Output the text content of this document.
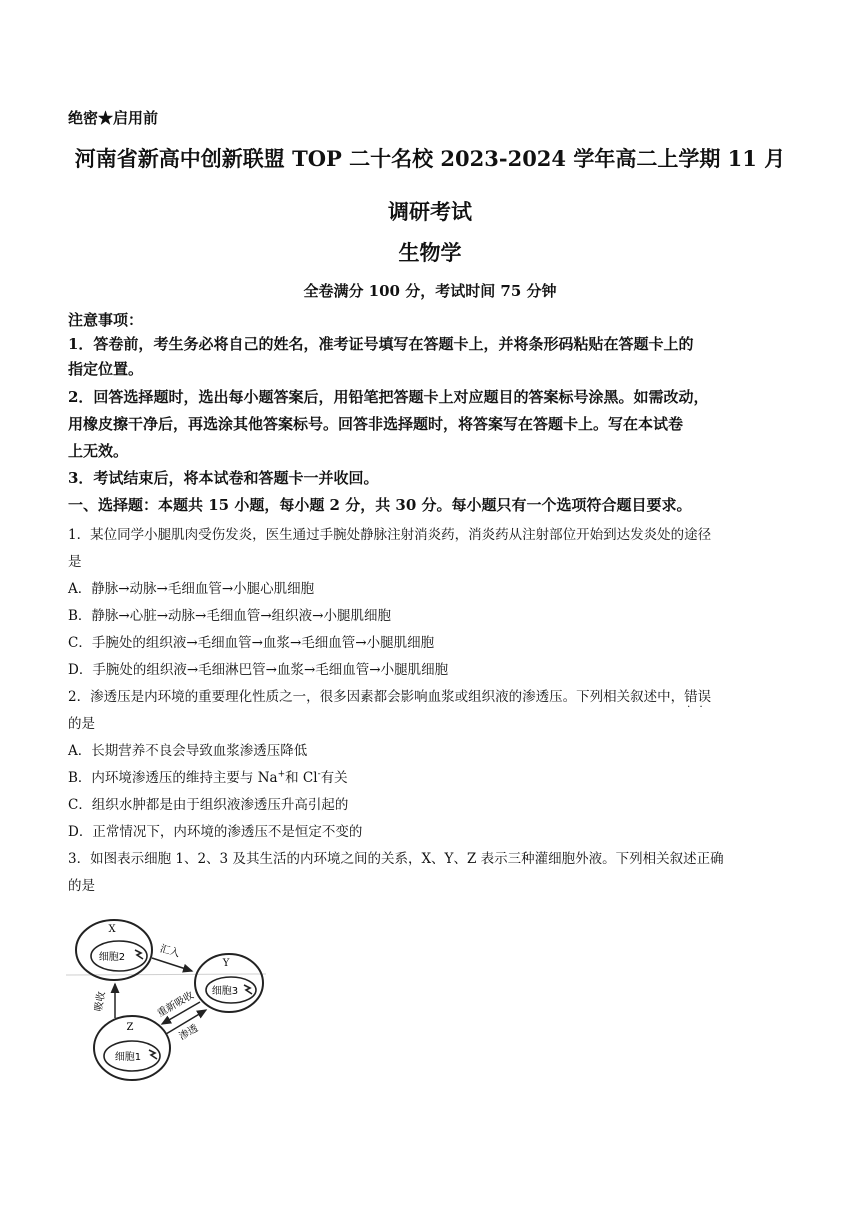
绝密★启用前
河南省新高中创新联盟 TOP 二十名校 2023-2024 学年高二上学期 11 月
调研考试
生物学
全卷满分 100 分，考试时间 75 分钟
注意事项：
1．答卷前，考生务必将自己的姓名，准考证号填写在答题卡上，并将条形码粘贴在答题卡上的
指定位置。
2．回答选择题时，选出每小题答案后，用铅笔把答题卡上对应题目的答案标号涂黑。如需改动，
用橡皮擦干净后，再选涂其他答案标号。回答非选择题时，将答案写在答题卡上。写在本试卷
上无效。
3．考试结束后，将本试卷和答题卡一并收回。
一、选择题：本题共 15 小题，每小题 2 分，共 30 分。每小题只有一个选项符合题目要求。
1．某位同学小腿肌肉受伤发炎，医生通过手腕处静脉注射消炎药，消炎药从注射部位开始到达发炎处的途径
是
A．静脉→动脉→毛细血管→小腿心肌细胞
B．静脉→心脏→动脉→毛细血管→组织液→小腿肌细胞
C．手腕处的组织液→毛细血管→血浆→毛细血管→小腿肌细胞
D．手腕处的组织液→毛细淋巴管→血浆→毛细血管→小腿肌细胞
2．渗透压是内环境的重要理化性质之一，很多因素都会影响血浆或组织液的渗透压。下列相关叙述中，错误 · ·
的是
A．长期营养不良会导致血浆渗透压降低
B．内环境渗透压的维持主要与 Na+和 Cl-有关
C．组织水肿都是由于组织液渗透压升高引起的
D．正常情况下，内环境的渗透压不是恒定不变的
3．如图表示细胞 1、2、3 及其生活的内环境之间的关系，X、Y、Z 表示三种灌细胞外液。下列相关叙述正确
的是
X
细胞2
Y
细胞3
Z
细胞1
汇入
吸收	重新吸收
渗透
